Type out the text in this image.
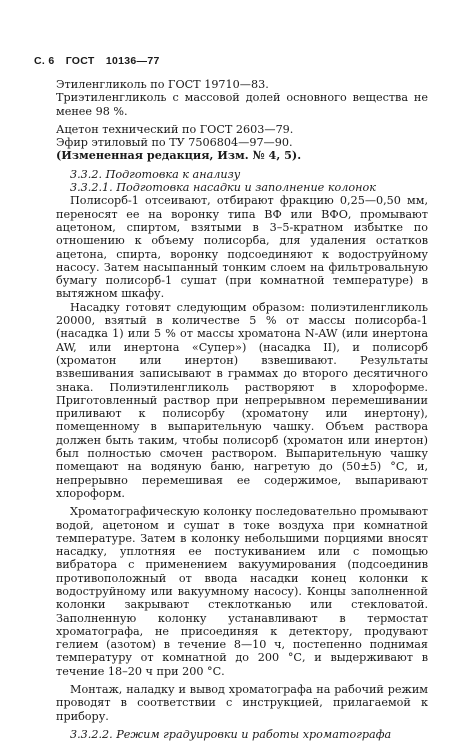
С. 6 ГОСТ 10136—77

Этиленгликоль по ГОСТ 19710—83.

Триэтиленгликоль с массовой долей основного вещества не менее 98 %.

Ацетон технический по ГОСТ 2603—79.

Эфир этиловый по ТУ 7506804—97—90.

(Измененная редакция, Изм. № 4, 5).

3.3.2. Подготовка к анализу

3.3.2.1. Подготовка насадки и заполнение колонок

Полисорб-1 отсеивают, отбирают фракцию 0,25—0,50 мм, переносят ее на воронку типа ВФ или ВФО, промывают ацетоном, спиртом, взятыми в 3–5-кратном избытке по отношению к объему полисорба, для удаления остатков ацетона, спирта, воронку подсоединяют к водоструйному насосу. Затем насыпанный тонким слоем на фильтровальную бумагу полисорб-1 сушат (при комнатной температуре) в вытяжном шкафу.

Насадку готовят следующим образом: полиэтиленгликоль 20000, взятый в количестве 5 % от массы полисорба-1 (насадка 1) или 5 % от массы хроматона N-AW (или инертона AW, или инертона «Супер») (насадка II), и полисорб (хроматон или инертон) взвешивают. Результаты взвешивания записывают в граммах до второго десятичного знака. Полиэтиленгликоль растворяют в хлороформе. Приготовленный раствор при непрерывном перемешивании приливают к полисорбу (хроматону или инертону), помещенному в выпарительную чашку. Объем раствора должен быть таким, чтобы полисорб (хроматон или инертон) был полностью смочен раствором. Выпарительную чашку помещают на водяную баню, нагретую до (50±5) °С, и, непрерывно перемешивая ее содержимое, выпаривают хлороформ.

Хроматографическую колонку последовательно промывают водой, ацетоном и сушат в токе воздуха при комнатной температуре. Затем в колонку небольшими порциями вносят насадку, уплотняя ее постукиванием или с помощью вибратора с применением вакуумирования (подсоединив противоположный от ввода насадки конец колонки к водоструйному или вакуумному насосу). Концы заполненной колонки закрывают стеклотканью или стекловатой. Заполненную колонку устанавливают в термостат хроматографа, не присоединяя к детектору, продувают гелием (азотом) в течение 8—10 ч, постепенно поднимая температуру от комнатной до 200 °С, и выдерживают в течение 18–20 ч при 200 °С.

Монтаж, наладку и вывод хроматографа на рабочий режим проводят в соответствии с инструкцией, прилагаемой к прибору.

3.3.2.2. Режим градуировки и работы хроматографа
